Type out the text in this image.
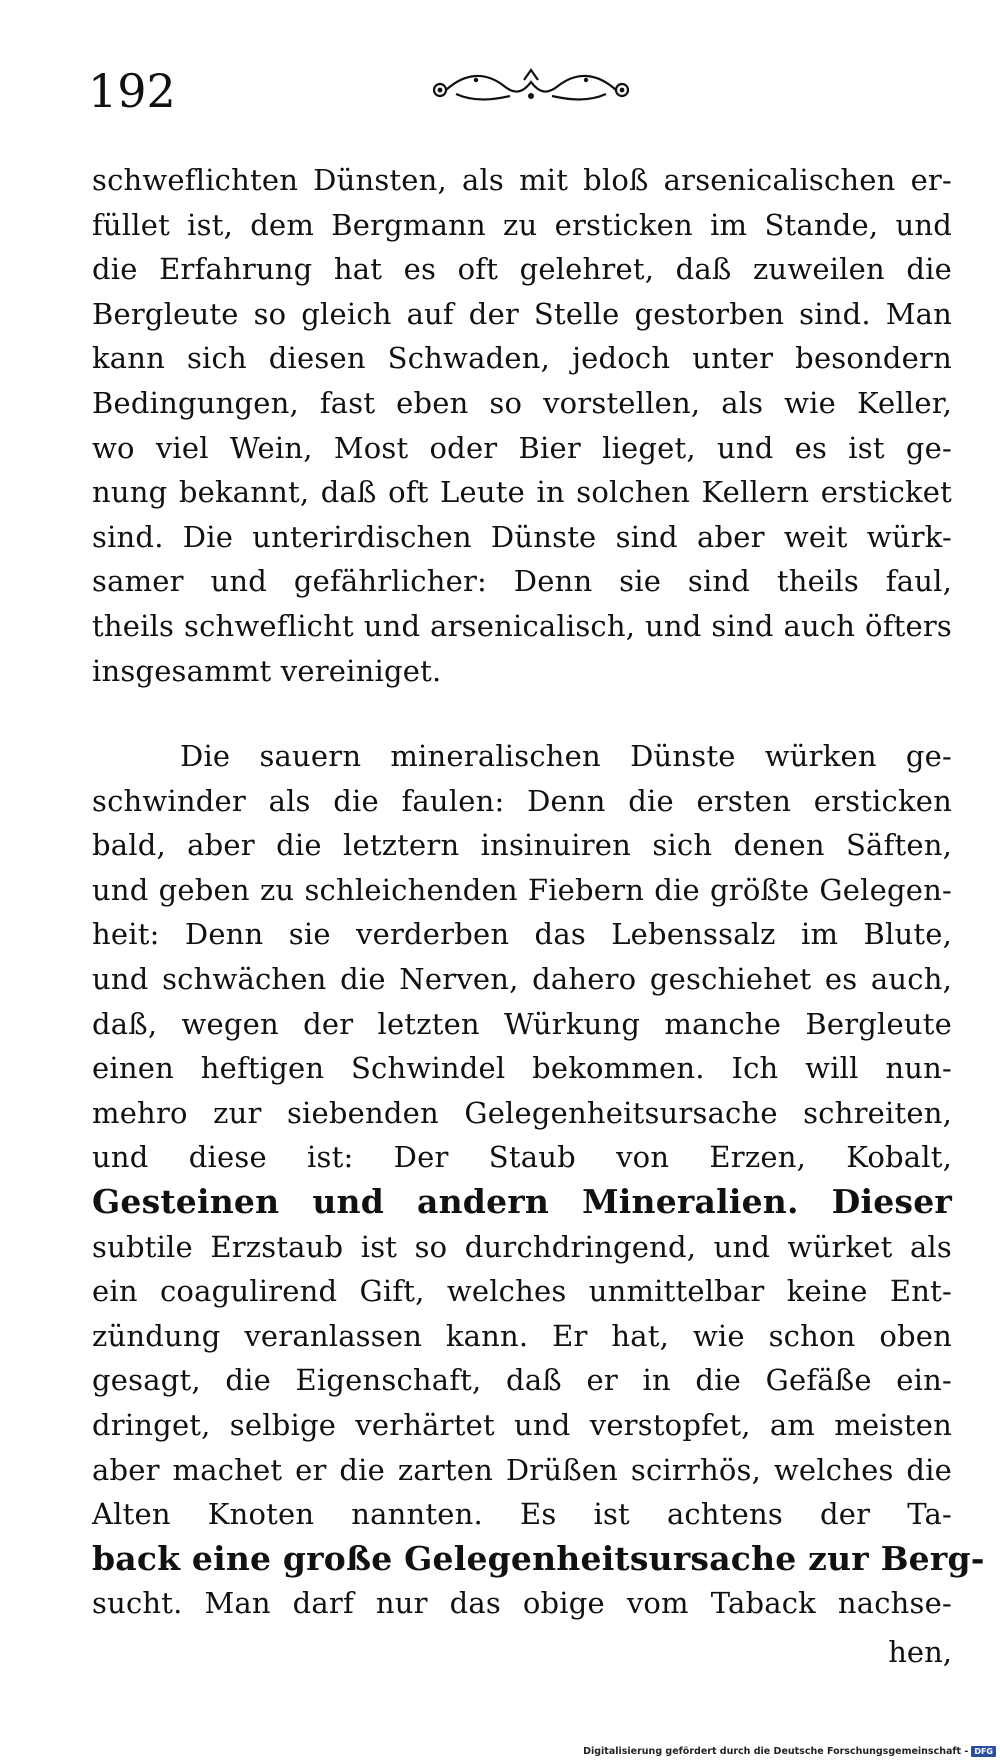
192
schweflichten Dünsten, als mit bloß arsenicalischen er-
füllet ist, dem Bergmann zu ersticken im Stande, und
die Erfahrung hat es oft gelehret, daß zuweilen die
Bergleute so gleich auf der Stelle gestorben sind. Man
kann sich diesen Schwaden, jedoch unter besondern
Bedingungen, fast eben so vorstellen, als wie Keller,
wo viel Wein, Most oder Bier lieget, und es ist ge-
nung bekannt, daß oft Leute in solchen Kellern ersticket
sind. Die unterirdischen Dünste sind aber weit würk-
samer und gefährlicher: Denn sie sind theils faul,
theils schweflicht und arsenicalisch, und sind auch öfters
insgesammt vereiniget.
Die sauern mineralischen Dünste würken ge-
schwinder als die faulen: Denn die ersten ersticken
bald, aber die letztern insinuiren sich denen Säften,
und geben zu schleichenden Fiebern die größte Gelegen-
heit: Denn sie verderben das Lebenssalz im Blute,
und schwächen die Nerven, dahero geschiehet es auch,
daß, wegen der letzten Würkung manche Bergleute
einen heftigen Schwindel bekommen. Ich will nun-
mehro zur siebenden Gelegenheitsursache schreiten,
und diese ist: Der Staub von Erzen, Kobalt,
Gesteinen und andern Mineralien. Dieser
subtile Erzstaub ist so durchdringend, und würket als
ein coagulirend Gift, welches unmittelbar keine Ent-
zündung veranlassen kann. Er hat, wie schon oben
gesagt, die Eigenschaft, daß er in die Gefäße ein-
dringet, selbige verhärtet und verstopfet, am meisten
aber machet er die zarten Drüßen scirrhös, welches die
Alten Knoten nannten. Es ist achtens der Ta-
back eine große Gelegenheitsursache zur Berg-
sucht. Man darf nur das obige vom Taback nachse-
hen,
Digitalisierung gefördert durch die Deutsche Forschungsgemeinschaft - DFG
